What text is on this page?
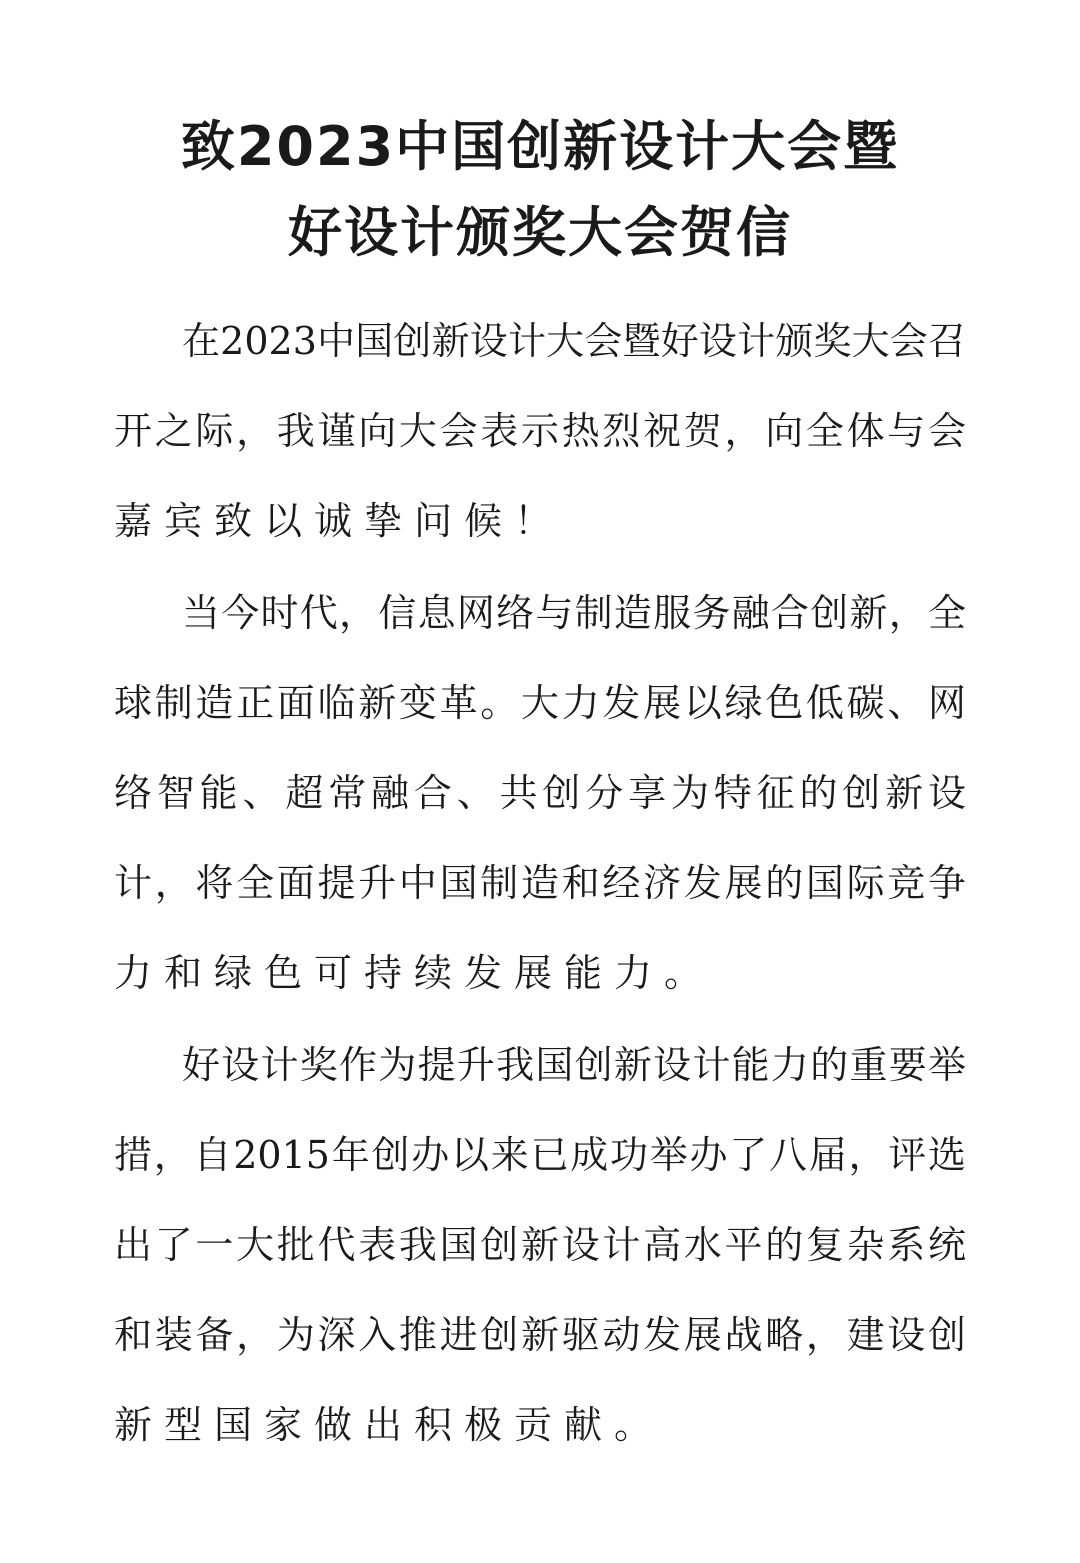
致2023中国创新设计大会暨
好设计颁奖大会贺信

在2023中国创新设计大会暨好设计颁奖大会召

开之际，我谨向大会表示热烈祝贺，向全体与会

嘉宾致以诚挚问候！

当今时代，信息网络与制造服务融合创新，全

球制造正面临新变革。大力发展以绿色低碳、网

络智能、超常融合、共创分享为特征的创新设

计，将全面提升中国制造和经济发展的国际竞争

力和绿色可持续发展能力。

好设计奖作为提升我国创新设计能力的重要举

措，自2015年创办以来已成功举办了八届，评选

出了一大批代表我国创新设计高水平的复杂系统

和装备，为深入推进创新驱动发展战略，建设创

新型国家做出积极贡献。
